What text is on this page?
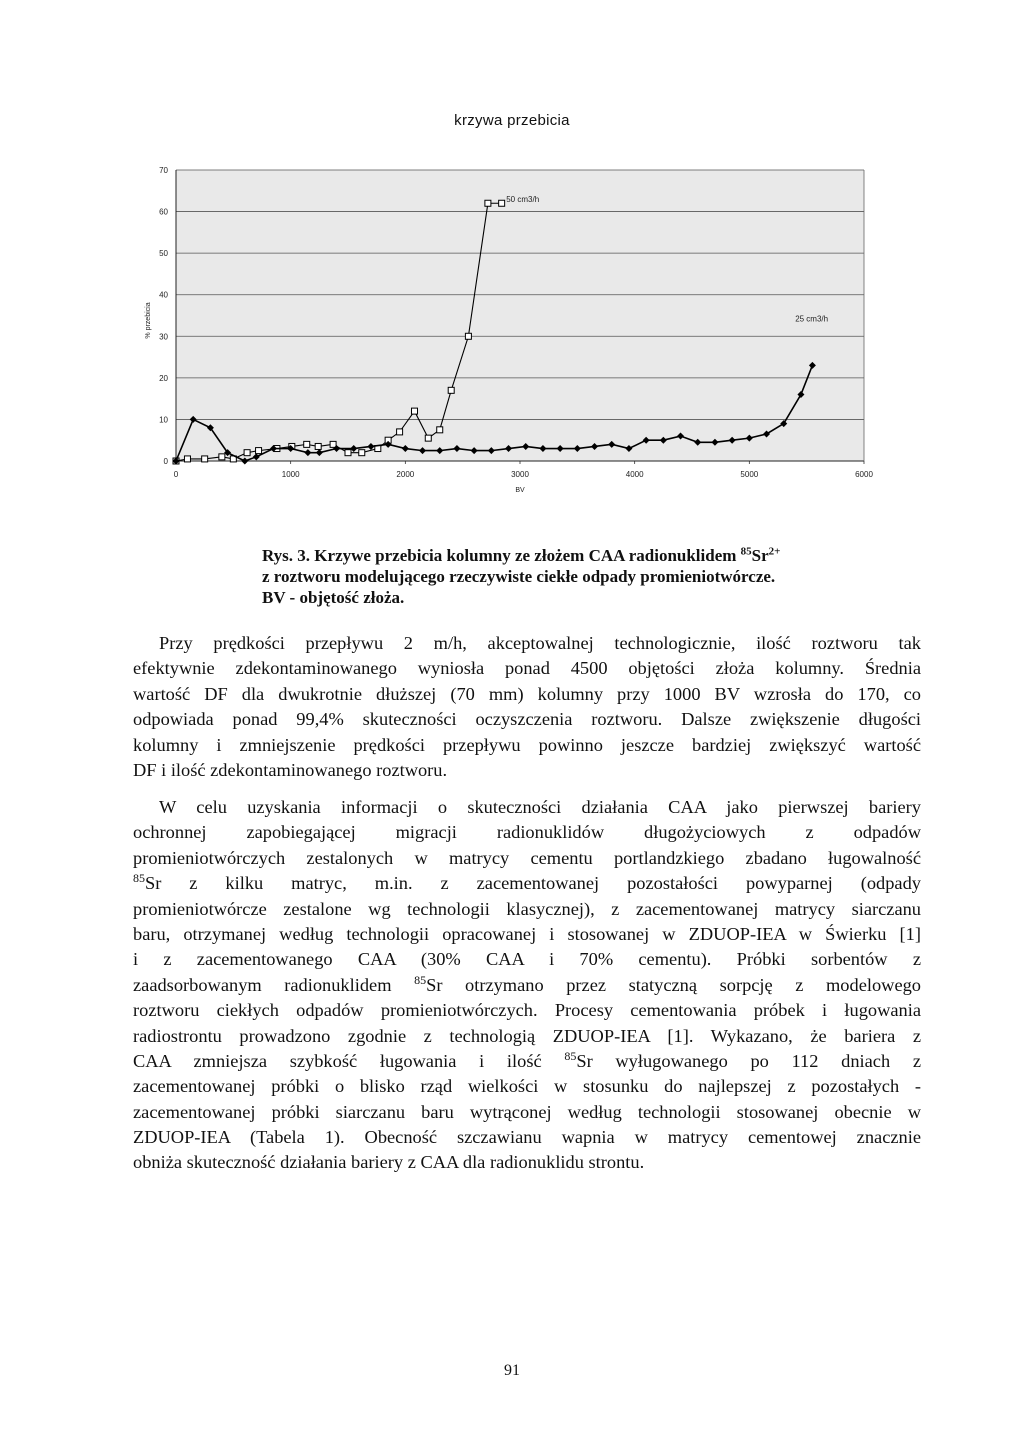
krzywa przebicia
0
10
20
30
40
50
60
70
0	1000	2000	3000	4000	5000	6000
BV
% przebicia
50 cm3/h
25 cm3/h
Rys. 3. Krzywe przebicia kolumny ze złożem CAA radionuklidem $^{85}Sr^{2+}$
z roztworu modelującego rzeczywiste ciekłe odpady promieniotwórcze.
BV - objętość złoża.
Przy prędkości przepływu 2 m/h, akceptowalnej technologicznie, ilość roztworu tak
efektywnie zdekontaminowanego wyniosła ponad 4500 objętości złoża kolumny. Średnia
wartość DF dla dwukrotnie dłuższej (70 mm) kolumny przy 1000 BV wzrosła do 170, co
odpowiada ponad 99,4% skuteczności oczyszczenia roztworu. Dalsze zwiększenie długości
kolumny i zmniejszenie prędkości przepływu powinno jeszcze bardziej zwiększyć wartość
DF i ilość zdekontaminowanego roztworu.
W celu uzyskania informacji o skuteczności działania CAA jako pierwszej bariery
ochronnej zapobiegającej migracji radionuklidów długożyciowych z odpadów
promieniotwórczych zestalonych w matrycy cementu portlandzkiego zbadano ługowalność
$^{85}$Sr z kilku matryc, m.in. z zacementowanej pozostałości powyparnej (odpady
promieniotwórcze zestalone wg technologii klasycznej), z zacementowanej matrycy siarczanu
baru, otrzymanej według technologii opracowanej i stosowanej w ZDUOP-IEA w Świerku [1]
i z zacementowanego CAA (30% CAA i 70% cementu). Próbki sorbentów z
zaadsorbowanym radionuklidem $^{85}$Sr otrzymano przez statyczną sorpcję z modelowego
roztworu ciekłych odpadów promieniotwórczych. Procesy cementowania próbek i ługowania
radiostrontu prowadzono zgodnie z technologią ZDUOP-IEA [1]. Wykazano, że bariera z
CAA zmniejsza szybkość ługowania i ilość $^{85}$Sr wyługowanego po 112 dniach z
zacementowanej próbki o blisko rząd wielkości w stosunku do najlepszej z pozostałych -
zacementowanej próbki siarczanu baru wytrąconej według technologii stosowanej obecnie w
ZDUOP-IEA (Tabela 1). Obecność szczawianu wapnia w matrycy cementowej znacznie
obniża skuteczność działania bariery z CAA dla radionuklidu strontu.
91
